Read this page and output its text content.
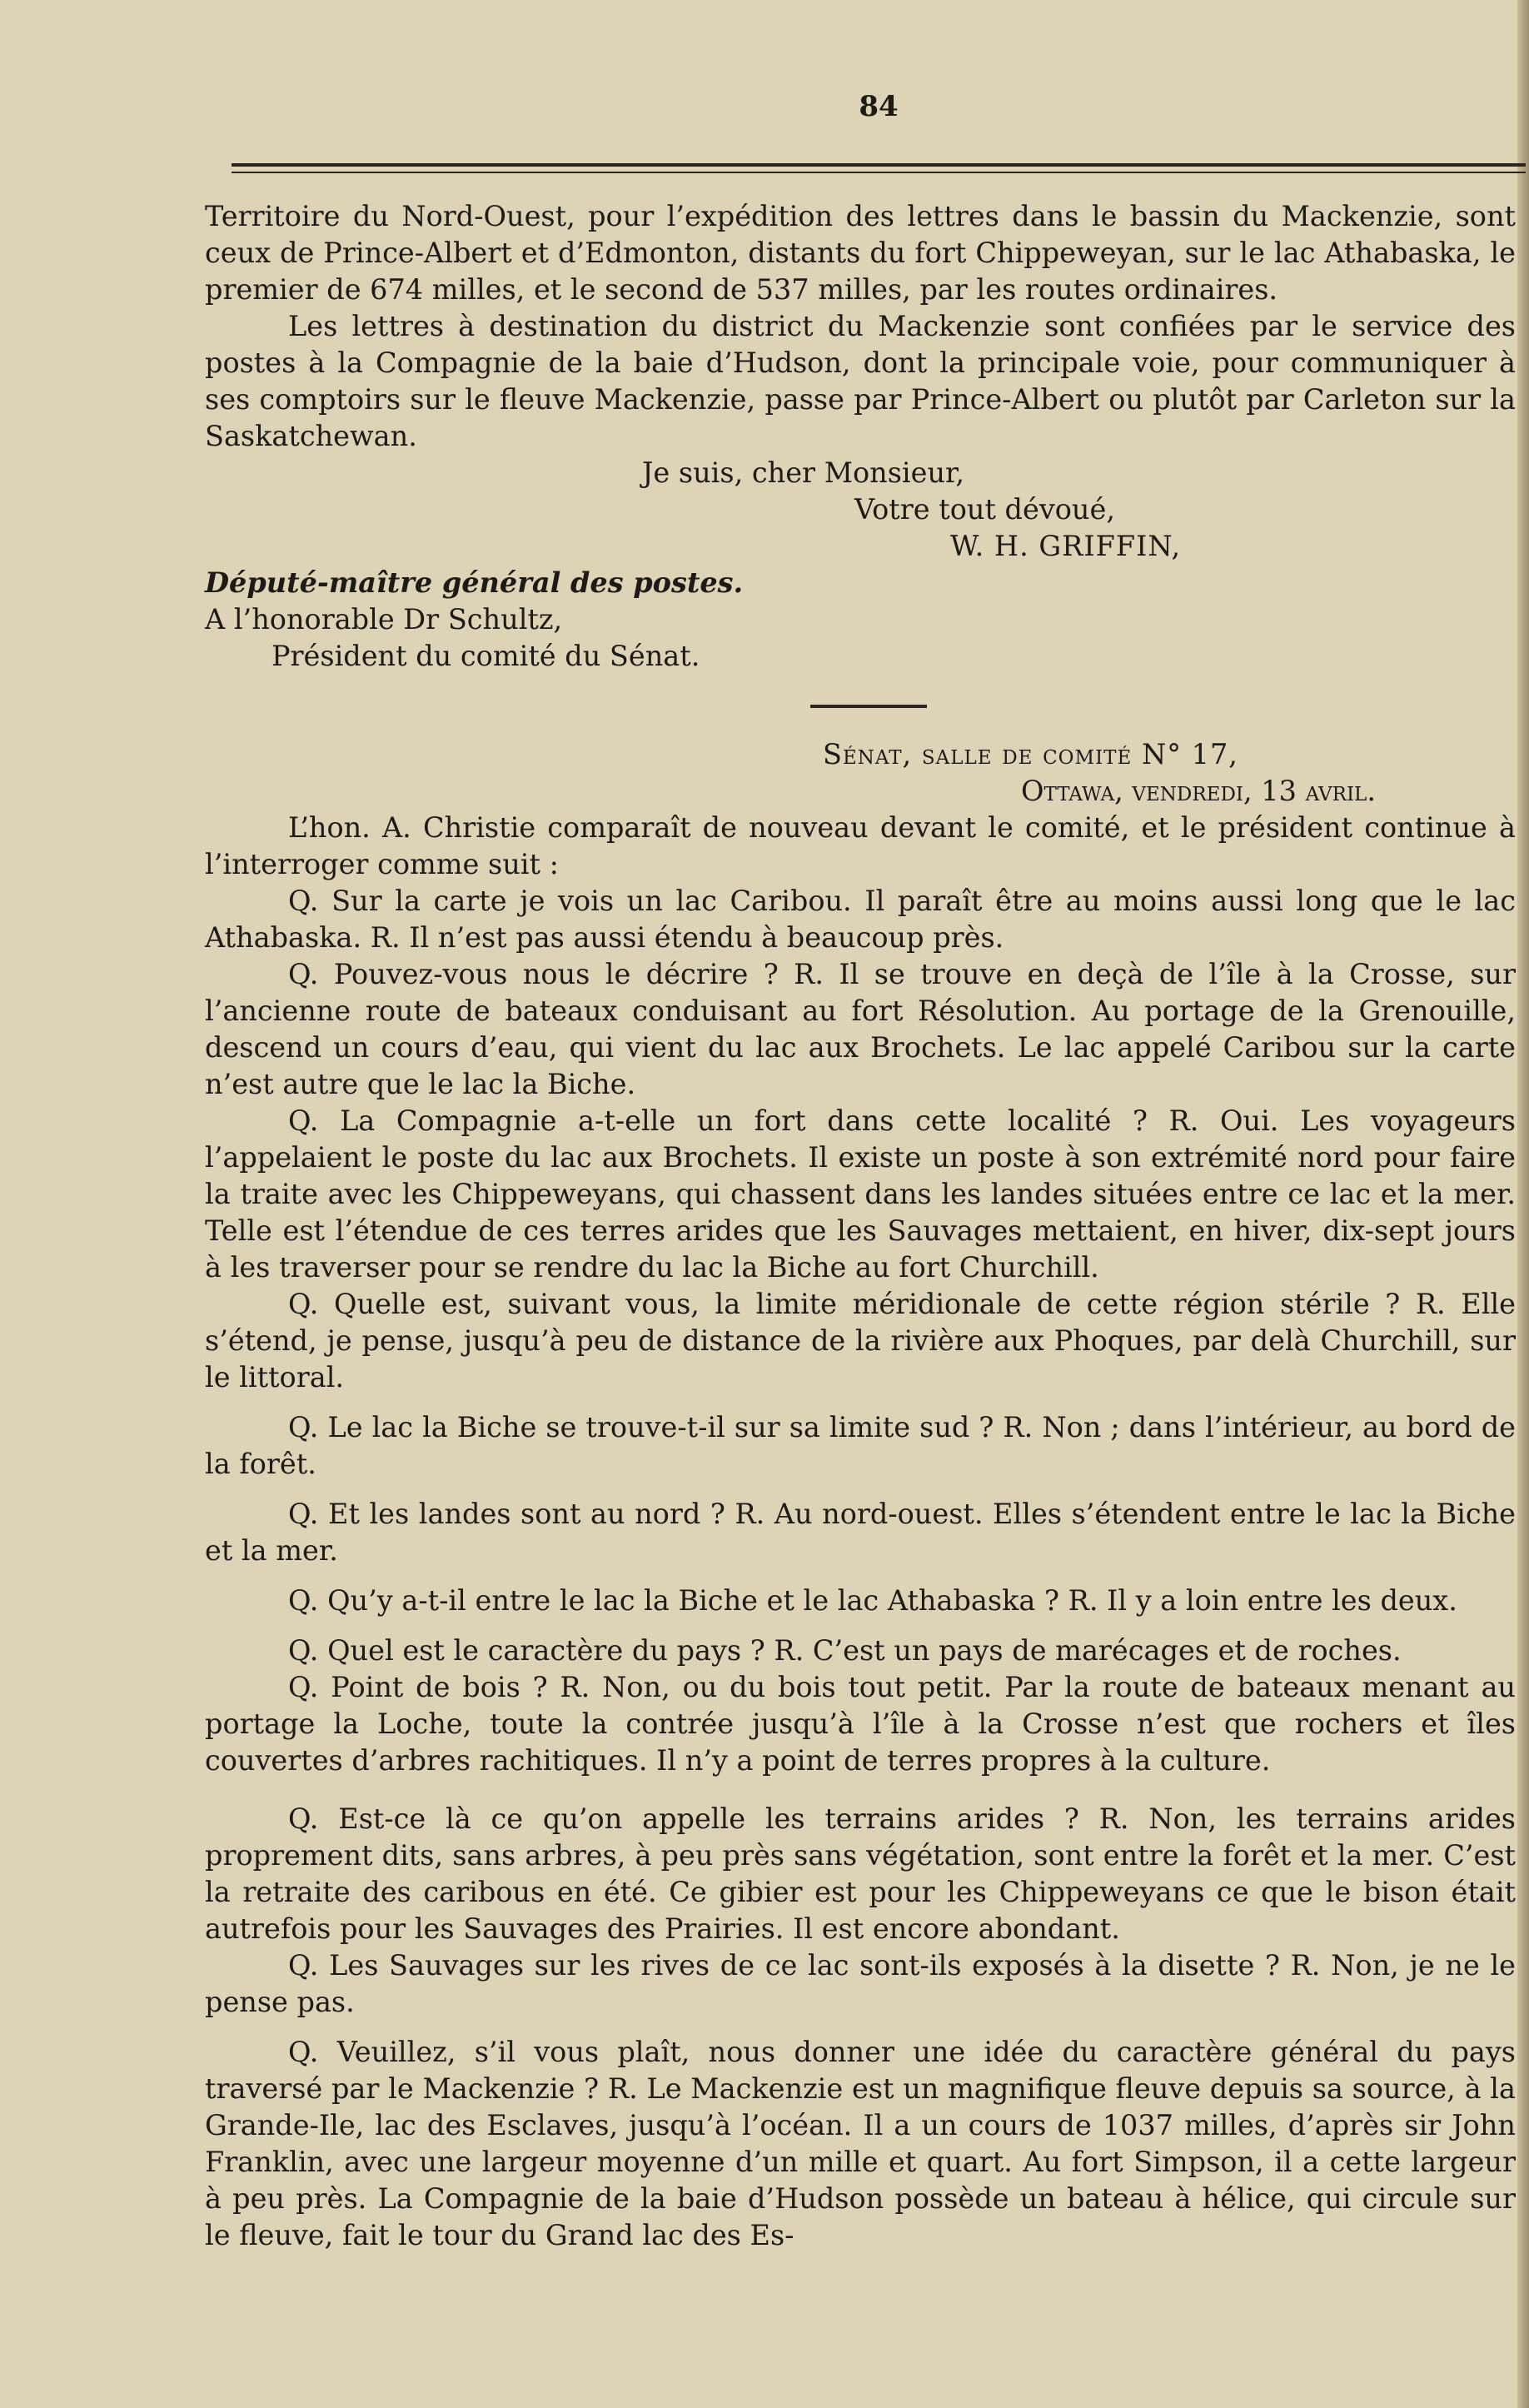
84

Territoire du Nord-Ouest, pour l’expédition des lettres dans le bassin du Mackenzie, sont ceux de Prince-Albert et d’Edmonton, distants du fort Chippeweyan, sur le lac Athabaska, le premier de 674 milles, et le second de 537 milles, par les routes ordinaires.

Les lettres à destination du district du Mackenzie sont confiées par le service des postes à la Compagnie de la baie d’Hudson, dont la principale voie, pour communiquer à ses comptoirs sur le fleuve Mackenzie, passe par Prince-Albert ou plutôt par Carleton sur la Saskatchewan.

Je suis, cher Monsieur,

Votre tout dévoué,

W. H. GRIFFIN,

Député-maître général des postes.

A l’honorable Dr Schultz,

Président du comité du Sénat.

Sénat, salle de comité N° 17,

Ottawa, vendredi, 13 avril.

L’hon. A. Christie comparaît de nouveau devant le comité, et le président continue à l’interroger comme suit :

Q. Sur la carte je vois un lac Caribou. Il paraît être au moins aussi long que le lac Athabaska. R. Il n’est pas aussi étendu à beaucoup près.

Q. Pouvez-vous nous le décrire ? R. Il se trouve en deçà de l’île à la Crosse, sur l’ancienne route de bateaux conduisant au fort Résolution. Au portage de la Grenouille, descend un cours d’eau, qui vient du lac aux Brochets. Le lac appelé Caribou sur la carte n’est autre que le lac la Biche.

Q. La Compagnie a-t-elle un fort dans cette localité ? R. Oui. Les voyageurs l’appelaient le poste du lac aux Brochets. Il existe un poste à son extrémité nord pour faire la traite avec les Chippeweyans, qui chassent dans les landes situées entre ce lac et la mer. Telle est l’étendue de ces terres arides que les Sauvages mettaient, en hiver, dix-sept jours à les traverser pour se rendre du lac la Biche au fort Churchill.

Q. Quelle est, suivant vous, la limite méridionale de cette région stérile ? R. Elle s’étend, je pense, jusqu’à peu de distance de la rivière aux Phoques, par delà Churchill, sur le littoral.

Q. Le lac la Biche se trouve-t-il sur sa limite sud ? R. Non ; dans l’intérieur, au bord de la forêt.

Q. Et les landes sont au nord ? R. Au nord-ouest. Elles s’étendent entre le lac la Biche et la mer.

Q. Qu’y a-t-il entre le lac la Biche et le lac Athabaska ? R. Il y a loin entre les deux.

Q. Quel est le caractère du pays ? R. C’est un pays de marécages et de roches.

Q. Point de bois ? R. Non, ou du bois tout petit. Par la route de bateaux menant au portage la Loche, toute la contrée jusqu’à l’île à la Crosse n’est que rochers et îles couvertes d’arbres rachitiques. Il n’y a point de terres propres à la culture.

Q. Est-ce là ce qu’on appelle les terrains arides ? R. Non, les terrains arides proprement dits, sans arbres, à peu près sans végétation, sont entre la forêt et la mer. C’est la retraite des caribous en été. Ce gibier est pour les Chippeweyans ce que le bison était autrefois pour les Sauvages des Prairies. Il est encore abondant.

Q. Les Sauvages sur les rives de ce lac sont-ils exposés à la disette ? R. Non, je ne le pense pas.

Q. Veuillez, s’il vous plaît, nous donner une idée du caractère général du pays traversé par le Mackenzie ? R. Le Mackenzie est un magnifique fleuve depuis sa source, à la Grande-Ile, lac des Esclaves, jusqu’à l’océan. Il a un cours de 1037 milles, d’après sir John Franklin, avec une largeur moyenne d’un mille et quart. Au fort Simpson, il a cette largeur à peu près. La Compagnie de la baie d’Hudson possède un bateau à hélice, qui circule sur le fleuve, fait le tour du Grand lac des Es-
